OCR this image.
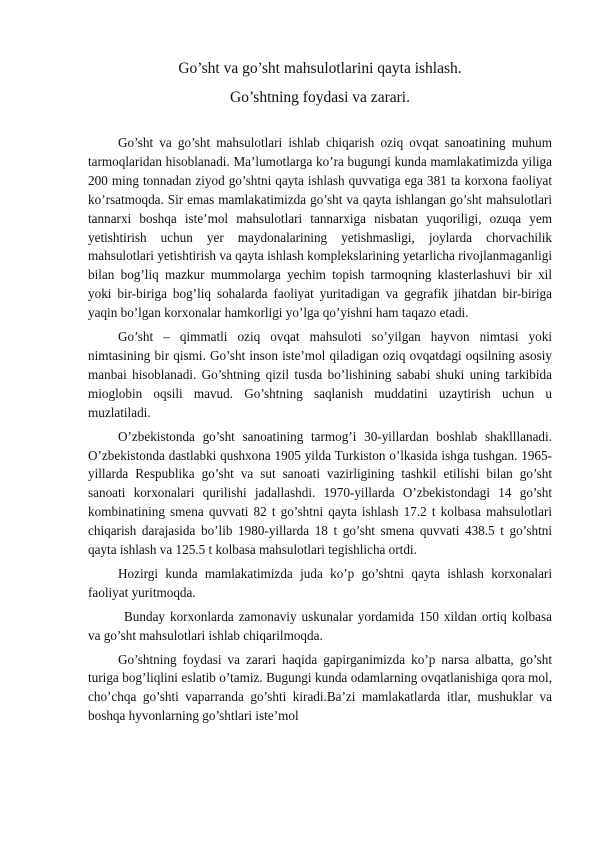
Go’sht va go’sht mahsulotlarini qayta ishlash.

Go’shtning foydasi va zarari.

Go’sht va go’sht mahsulotlari ishlab chiqarish oziq ovqat sanoatining muhum tarmoqlaridan hisoblanadi. Ma’lumotlarga ko’ra bugungi kunda mamlakatimizda yiliga 200 ming tonnadan ziyod go’shtni qayta ishlash quvvatiga ega 381 ta korxona faoliyat ko’rsatmoqda. Sir emas mamlakatimizda go’sht va qayta ishlangan go’sht mahsulotlari tannarxi boshqa iste’mol mahsulotlari tannarxiga nisbatan yuqoriligi, ozuqa yem yetishtirish uchun yer maydonalarining yetishmasligi, joylarda chorvachilik mahsulotlari yetishtirish va qayta ishlash komplekslarining yetarlicha rivojlanmaganligi bilan bog’liq mazkur mummolarga yechim topish tarmoqning klasterlashuvi bir xil yoki bir-biriga bog’liq sohalarda faoliyat yuritadigan va gegrafik jihatdan bir-biriga yaqin bo’lgan korxonalar hamkorligi yo’lga qo’yishni ham taqazo etadi.

Go’sht – qimmatli oziq ovqat mahsuloti so’yilgan hayvon nimtasi yoki nimtasining bir qismi. Go’sht inson iste’mol qiladigan oziq ovqatdagi oqsilning asosiy manbai hisoblanadi. Go’shtning qizil tusda bo’lishining sababi shuki uning tarkibida mioglobin oqsili mavud. Go’shtning saqlanish muddatini uzaytirish uchun u muzlatiladi.

O’zbekistonda go’sht sanoatining tarmog’i 30-yillardan boshlab shaklllanadi. O’zbekistonda dastlabki qushxona 1905 yilda Turkiston o’lkasida ishga tushgan. 1965- yillarda Respublika go’sht va sut sanoati vazirligining tashkil etilishi bilan go’sht sanoati korxonalari qurilishi jadallashdi. 1970-yillarda O’zbekistondagi 14 go’sht kombinatining smena quvvati 82 t go’shtni qayta ishlash 17.2 t kolbasa mahsulotlari chiqarish darajasida bo’lib 1980-yillarda 18 t go’sht smena quvvati 438.5 t go’shtni qayta ishlash va 125.5 t kolbasa mahsulotlari tegishlicha ortdi.

Hozirgi kunda mamlakatimizda juda ko’p go’shtni qayta ishlash korxonalari faoliyat yuritmoqda.

Bunday korxonlarda zamonaviy uskunalar yordamida 150 xildan ortiq kolbasa va go’sht mahsulotlari ishlab chiqarilmoqda.

Go’shtning foydasi va zarari haqida gapirganimizda ko’p narsa albatta, go’sht turiga bog’liqlini eslatib o’tamiz. Bugungi kunda odamlarning ovqatlanishiga qora mol, cho’chqa go’shti vaparranda go’shti kiradi.Ba’zi mamlakatlarda itlar, mushuklar va boshqa hyvonlarning go’shtlari iste’mol
